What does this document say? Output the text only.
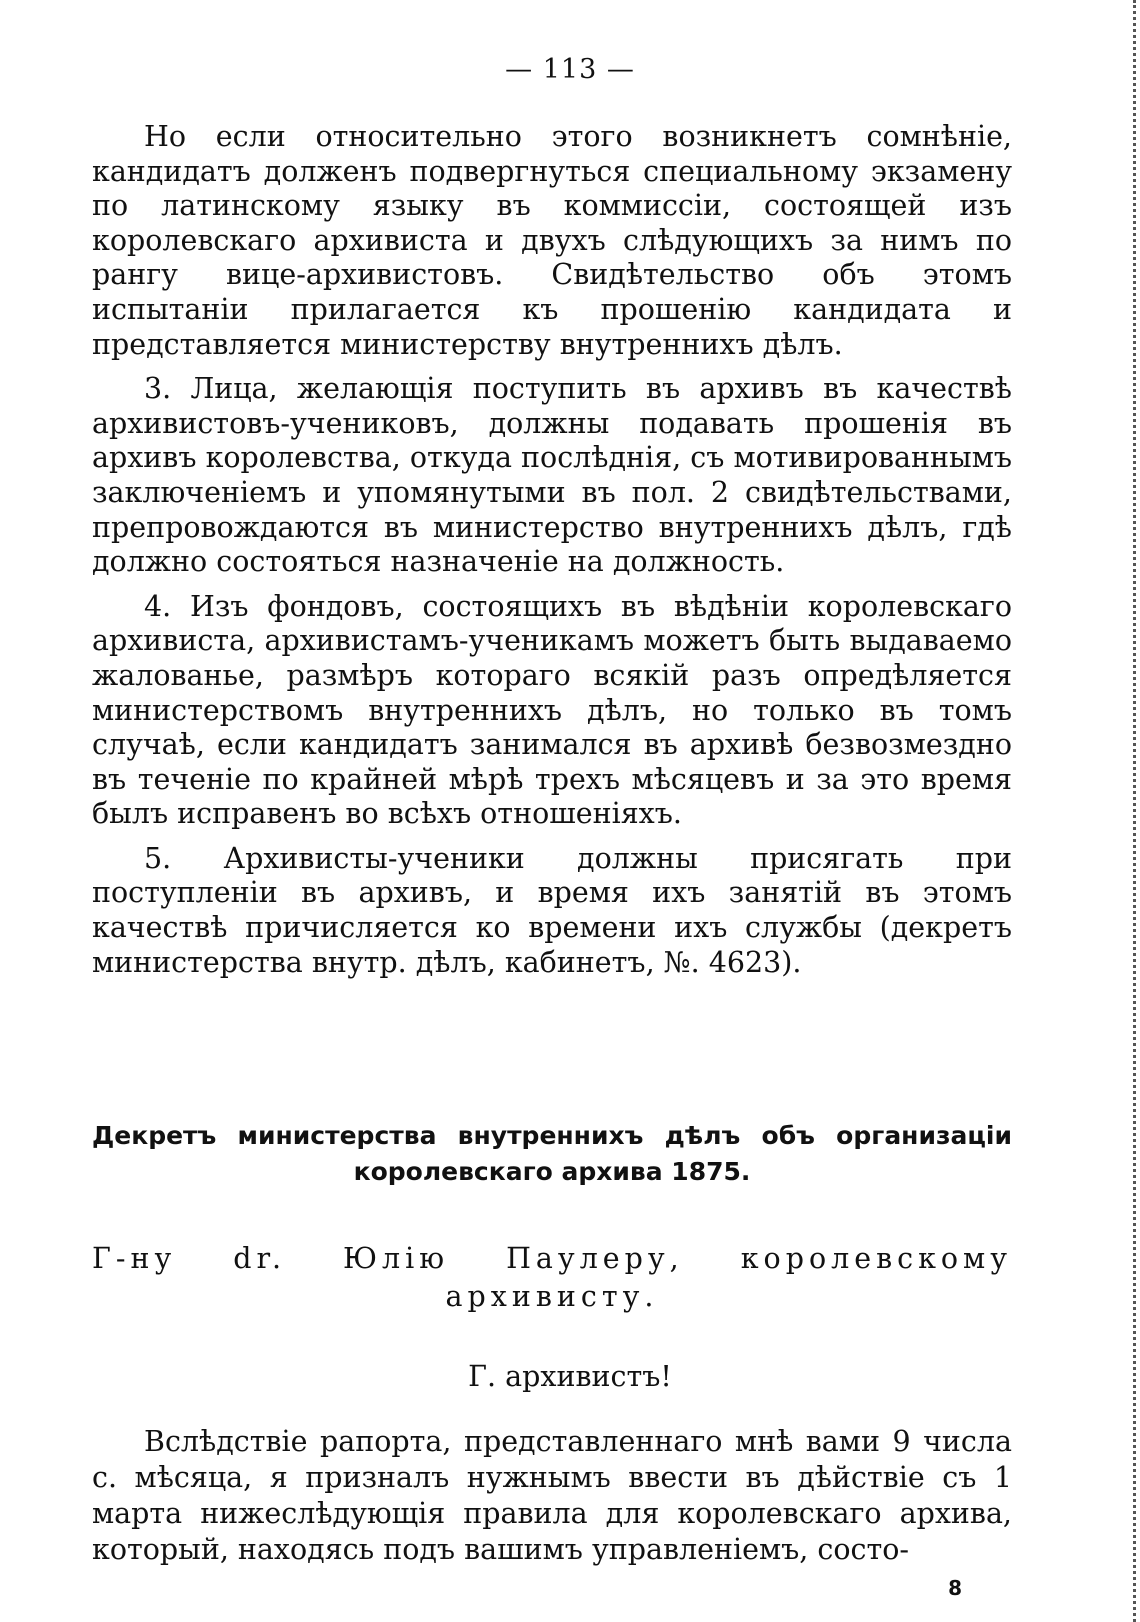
— 113 —

Но если относительно этого возникнетъ сомнѣніе, кандидатъ долженъ подвергнуться специальному экзамену по латинскому языку въ коммиссіи, состоящей изъ королевскаго архивиста и двухъ слѣдующихъ за нимъ по рангу вице-архивистовъ. Свидѣтельство объ этомъ испытаніи прилагается къ прошенію кандидата и представляется министерству внутреннихъ дѣлъ.

3. Лица, желающія поступить въ архивъ въ качествѣ архивистовъ-учениковъ, должны подавать прошенія въ архивъ королевства, откуда послѣднія, съ мотивированнымъ заключеніемъ и упомянутыми въ пол. 2 свидѣтельствами, препровождаются въ министерство внутреннихъ дѣлъ, гдѣ должно состояться назначеніе на должность.

4. Изъ фондовъ, состоящихъ въ вѣдѣніи королевскаго архивиста, архивистамъ-ученикамъ можетъ быть выдаваемо жалованье, размѣръ котораго всякій разъ опредѣляется министерствомъ внутреннихъ дѣлъ, но только въ томъ случаѣ, если кандидатъ занимался въ архивѣ безвозмездно въ теченіе по крайней мѣрѣ трехъ мѣсяцевъ и за это время былъ исправенъ во всѣхъ отношеніяхъ.

5. Архивисты-ученики должны присягать при поступленіи въ архивъ, и время ихъ занятій въ этомъ качествѣ причисляется ко времени ихъ службы (декретъ министерства внутр. дѣлъ, кабинетъ, №. 4623).

Декретъ министерства внутреннихъ дѣлъ объ организаціи королевскаго архива 1875.
Г-ну dr. Юлію Паулеру, королевскому архивисту.
Г. архивистъ!

Вслѣдствіе рапорта, представленнаго мнѣ вами 9 числа с. мѣсяца, я призналъ нужнымъ ввести въ дѣйствіе съ 1 марта нижеслѣдующія правила для королевскаго архива, который, находясь подъ вашимъ управленіемъ, состо-

8
